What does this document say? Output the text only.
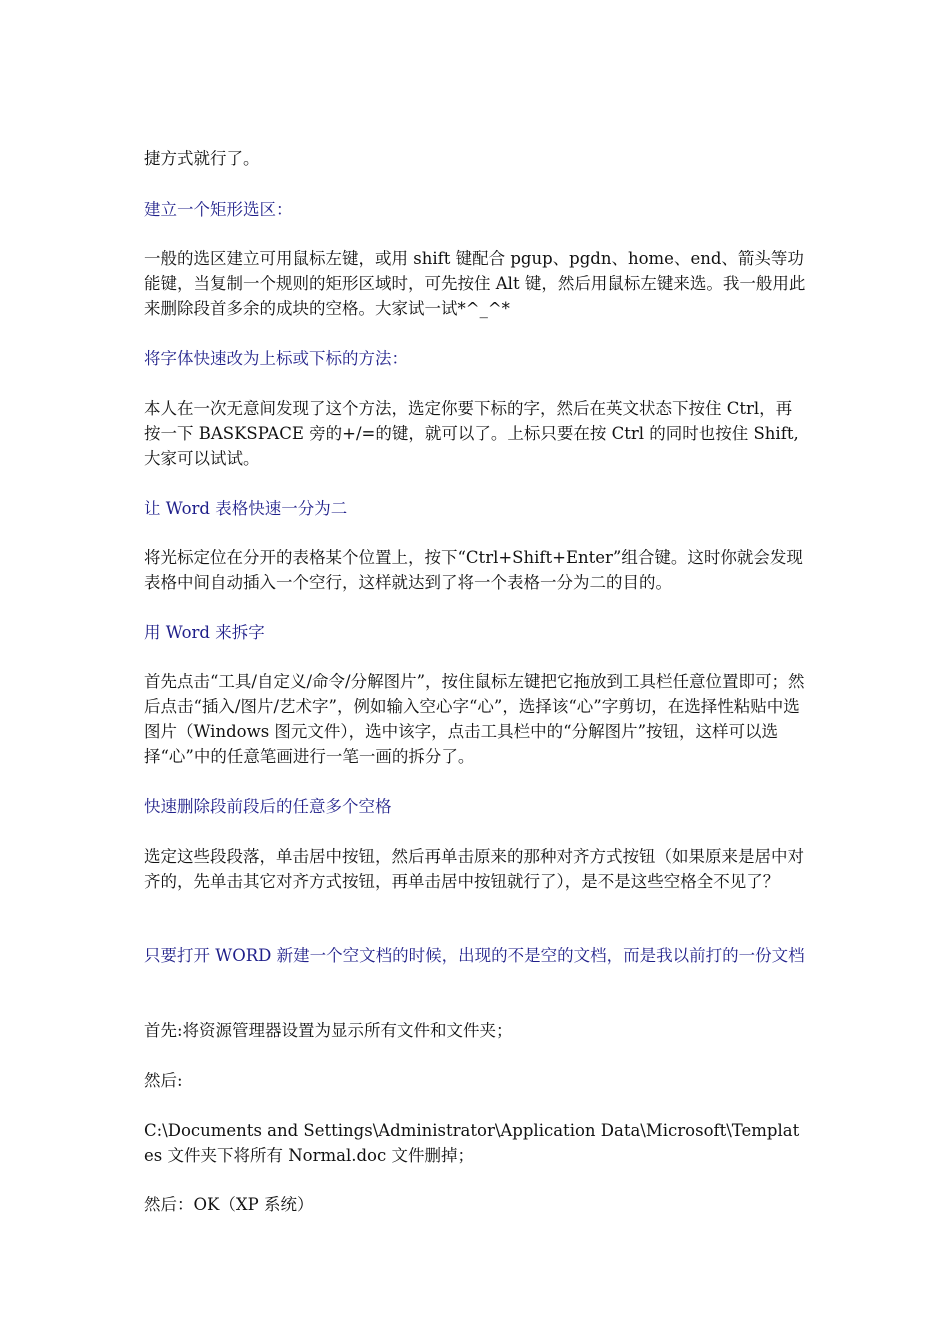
捷方式就行了。
建立一个矩形选区：
一般的选区建立可用鼠标左键，或用 shift 键配合 pgup、pgdn、home、end、箭头等功能键，当复制一个规则的矩形区域时，可先按住 Alt 键，然后用鼠标左键来选。我一般用此来删除段首多余的成块的空格。大家试一试*^_^*
将字体快速改为上标或下标的方法：
本人在一次无意间发现了这个方法，选定你要下标的字，然后在英文状态下按住 Ctrl，再按一下 BASKSPACE 旁的+/=的键，就可以了。上标只要在按 Ctrl 的同时也按住 Shift,大家可以试试。
让 Word 表格快速一分为二
将光标定位在分开的表格某个位置上，按下“Ctrl+Shift+Enter”组合键。这时你就会发现表格中间自动插入一个空行，这样就达到了将一个表格一分为二的目的。
用 Word 来拆字
首先点击“工具/自定义/命令/分解图片”，按住鼠标左键把它拖放到工具栏任意位置即可；然后点击“插入/图片/艺术字”，例如输入空心字“心”，选择该“心”字剪切，在选择性粘贴中选图片（Windows 图元文件），选中该字，点击工具栏中的“分解图片”按钮，这样可以选择“心”中的任意笔画进行一笔一画的拆分了。
快速删除段前段后的任意多个空格
选定这些段段落，单击居中按钮，然后再单击原来的那种对齐方式按钮（如果原来是居中对齐的，先单击其它对齐方式按钮，再单击居中按钮就行了），是不是这些空格全不见了？
只要打开 WORD 新建一个空文档的时候，出现的不是空的文档，而是我以前打的一份文档
首先:将资源管理器设置为显示所有文件和文件夹；
然后:
C:\Documents and Settings\Administrator\Application Data\Microsoft\Templates 文件夹下将所有 Normal.doc 文件删掉；
然后：OK（XP 系统）
